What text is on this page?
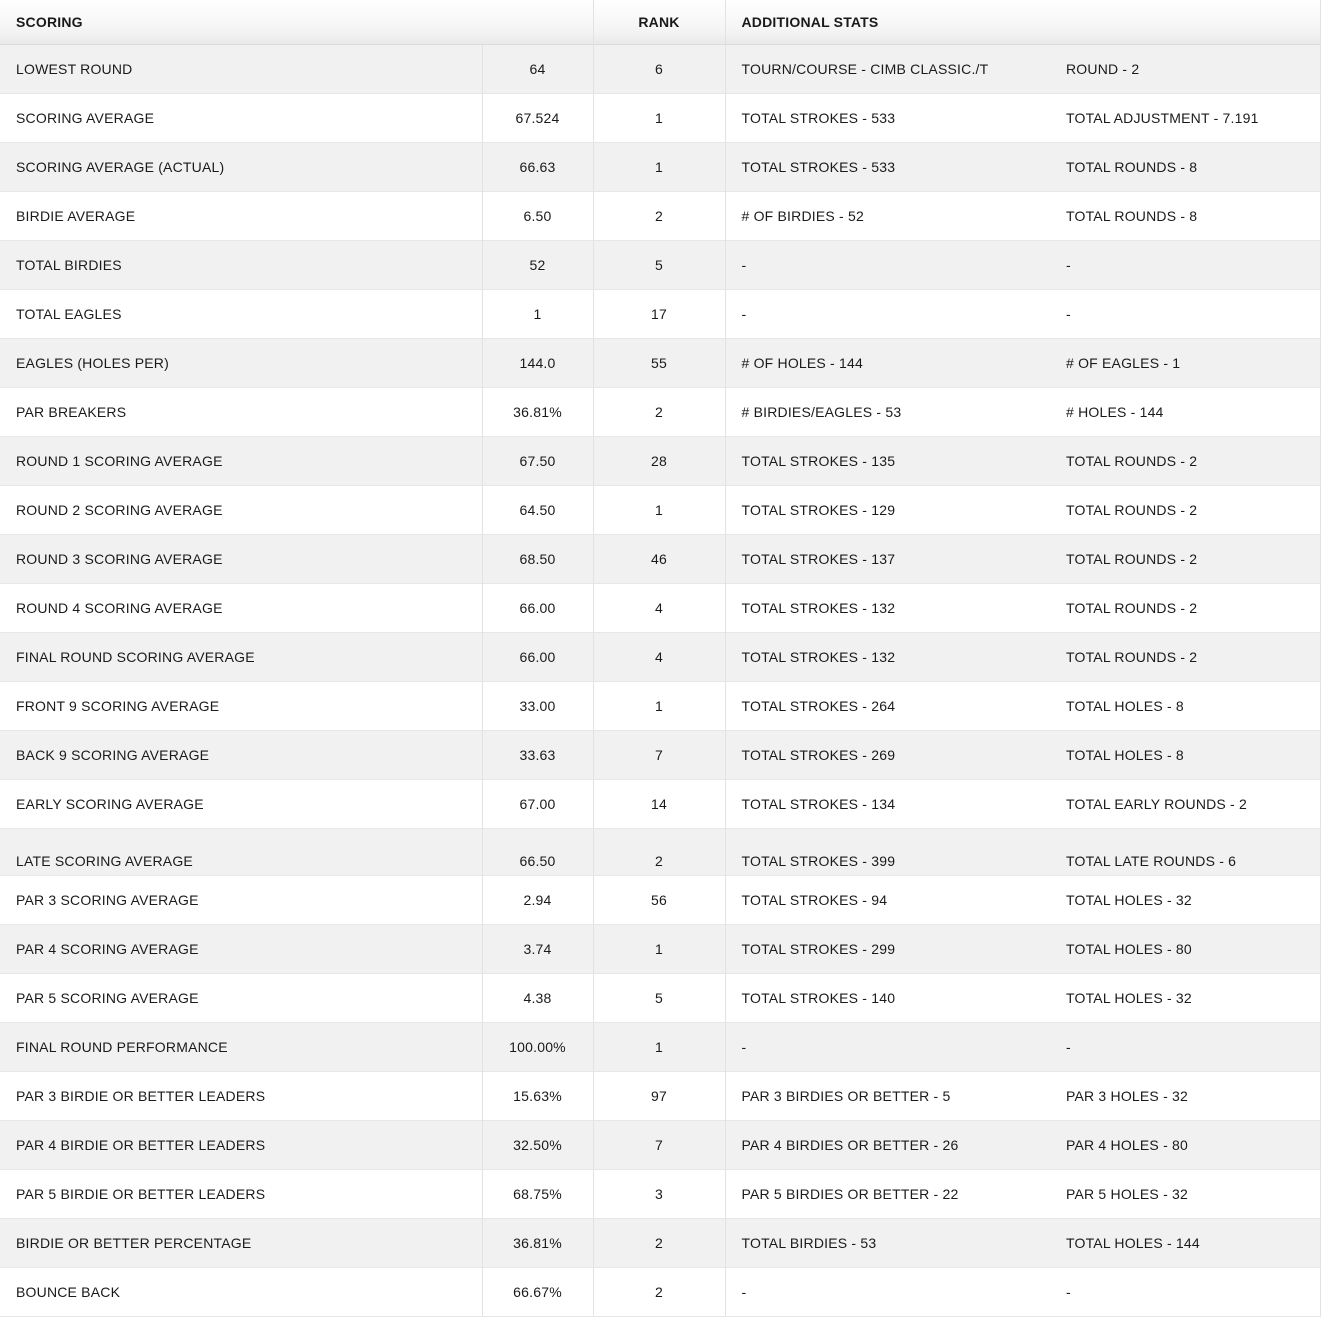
SCORING		RANK	ADDITIONAL STATS	
LOWEST ROUND	64	6	TOURN/COURSE - CIMB CLASSIC./T	ROUND - 2
SCORING AVERAGE	67.524	1	TOTAL STROKES - 533	TOTAL ADJUSTMENT - 7.191
SCORING AVERAGE (ACTUAL)	66.63	1	TOTAL STROKES - 533	TOTAL ROUNDS - 8
BIRDIE AVERAGE	6.50	2	# OF BIRDIES - 52	TOTAL ROUNDS - 8
TOTAL BIRDIES	52	5	-	-
TOTAL EAGLES	1	17	-	-
EAGLES (HOLES PER)	144.0	55	# OF HOLES - 144	# OF EAGLES - 1
PAR BREAKERS	36.81%	2	# BIRDIES/EAGLES - 53	# HOLES - 144
ROUND 1 SCORING AVERAGE	67.50	28	TOTAL STROKES - 135	TOTAL ROUNDS - 2
ROUND 2 SCORING AVERAGE	64.50	1	TOTAL STROKES - 129	TOTAL ROUNDS - 2
ROUND 3 SCORING AVERAGE	68.50	46	TOTAL STROKES - 137	TOTAL ROUNDS - 2
ROUND 4 SCORING AVERAGE	66.00	4	TOTAL STROKES - 132	TOTAL ROUNDS - 2
FINAL ROUND SCORING AVERAGE	66.00	4	TOTAL STROKES - 132	TOTAL ROUNDS - 2
FRONT 9 SCORING AVERAGE	33.00	1	TOTAL STROKES - 264	TOTAL HOLES - 8
BACK 9 SCORING AVERAGE	33.63	7	TOTAL STROKES - 269	TOTAL HOLES - 8
EARLY SCORING AVERAGE	67.00	14	TOTAL STROKES - 134	TOTAL EARLY ROUNDS - 2
LATE SCORING AVERAGE	66.50	2	TOTAL STROKES - 399	TOTAL LATE ROUNDS - 6
PAR 3 SCORING AVERAGE	2.94	56	TOTAL STROKES - 94	TOTAL HOLES - 32
PAR 4 SCORING AVERAGE	3.74	1	TOTAL STROKES - 299	TOTAL HOLES - 80
PAR 5 SCORING AVERAGE	4.38	5	TOTAL STROKES - 140	TOTAL HOLES - 32
FINAL ROUND PERFORMANCE	100.00%	1	-	-
PAR 3 BIRDIE OR BETTER LEADERS	15.63%	97	PAR 3 BIRDIES OR BETTER - 5	PAR 3 HOLES - 32
PAR 4 BIRDIE OR BETTER LEADERS	32.50%	7	PAR 4 BIRDIES OR BETTER - 26	PAR 4 HOLES - 80
PAR 5 BIRDIE OR BETTER LEADERS	68.75%	3	PAR 5 BIRDIES OR BETTER - 22	PAR 5 HOLES - 32
BIRDIE OR BETTER PERCENTAGE	36.81%	2	TOTAL BIRDIES - 53	TOTAL HOLES - 144
BOUNCE BACK	66.67%	2	-	-
